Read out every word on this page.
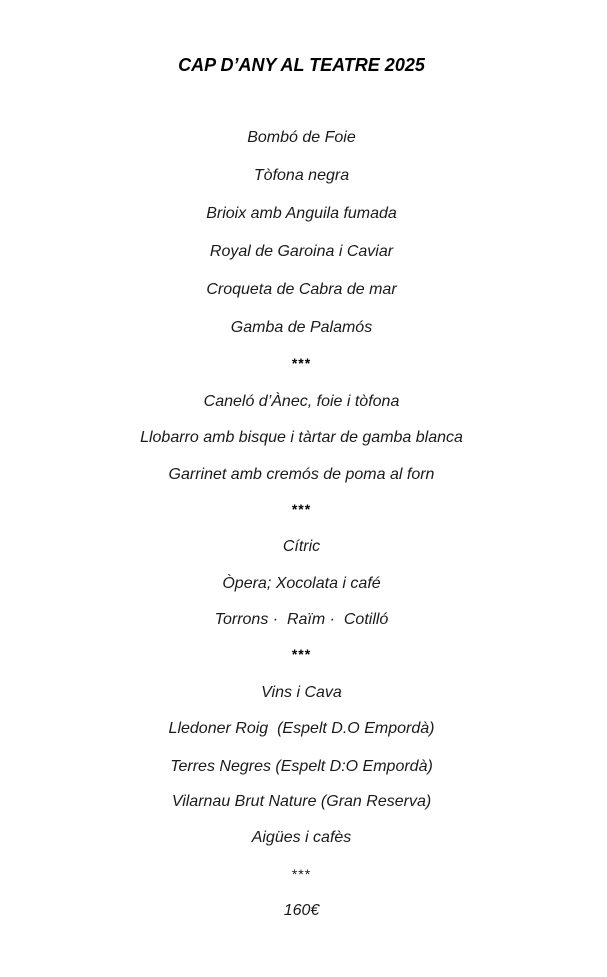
CAP D’ANY AL TEATRE 2025
Bombó de Foie
Tòfona negra
Brioix amb Anguila fumada
Royal de Garoina i Caviar
Croqueta de Cabra de mar
Gamba de Palamós
***
Caneló d’Ànec, foie i tòfona
Llobarro amb bisque i tàrtar de gamba blanca
Garrinet amb cremós de poma al forn
***
Cítric
Òpera; Xocolata i café
Torrons ·  Raïm ·  Cotilló
***
Vins i Cava
Lledoner Roig  (Espelt D.O Empordà)
Terres Negres (Espelt D:O Empordà)
Vilarnau Brut Nature (Gran Reserva)
Aigües i cafès
***
160€
